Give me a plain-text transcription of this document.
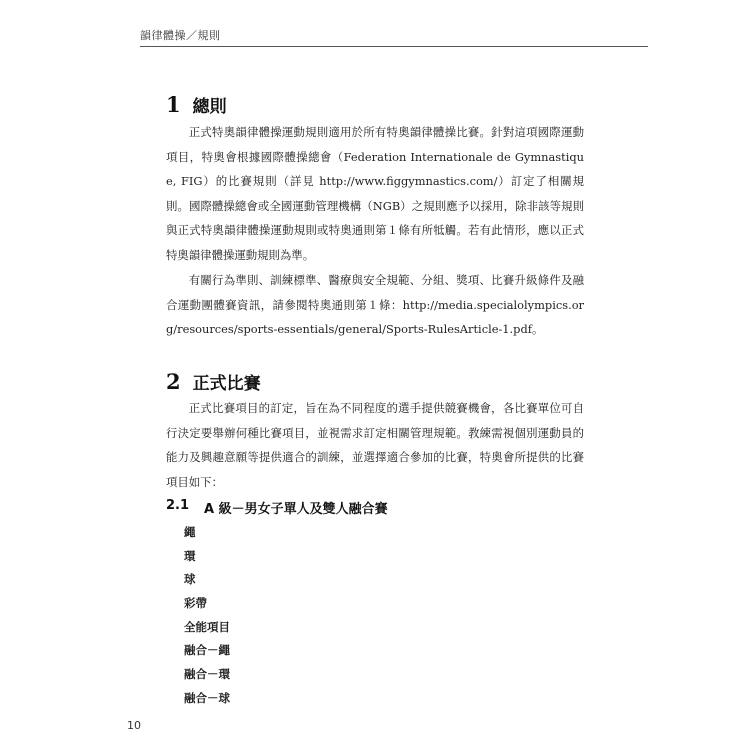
韻律體操／規則
1 總則

正式特奧韻律體操運動規則適用於所有特奧韻律體操比賽。針對這項國際運動項目，特奧會根據國際體操總會（Federation Internationale de Gymnastique, FIG）的比賽規則（詳見 http://www.figgymnastics.com/）訂定了相關規則。國際體操總會或全國運動管理機構（NGB）之規則應予以採用，除非該等規則與正式特奧韻律體操運動規則或特奧通則第１條有所牴觸。若有此情形，應以正式特奧韻律體操運動規則為準。

有關行為準則、訓練標準、醫療與安全規範、分組、獎項、比賽升級條件及融合運動團體賽資訊，請參閱特奧通則第１條：http://media.specialolympics.org/resources/sports-essentials/general/Sports-RulesArticle-1.pdf。

2 正式比賽

正式比賽項目的訂定，旨在為不同程度的選手提供競賽機會，各比賽單位可自行決定要舉辦何種比賽項目，並視需求訂定相關管理規範。教練需視個別運動員的能力及興趣意願等提供適合的訓練，並選擇適合參加的比賽，特奧會所提供的比賽項目如下：

2.1	A 級－男女子單人及雙人融合賽
繩
環
球
彩帶
全能項目
融合－繩
融合－環
融合－球
10
